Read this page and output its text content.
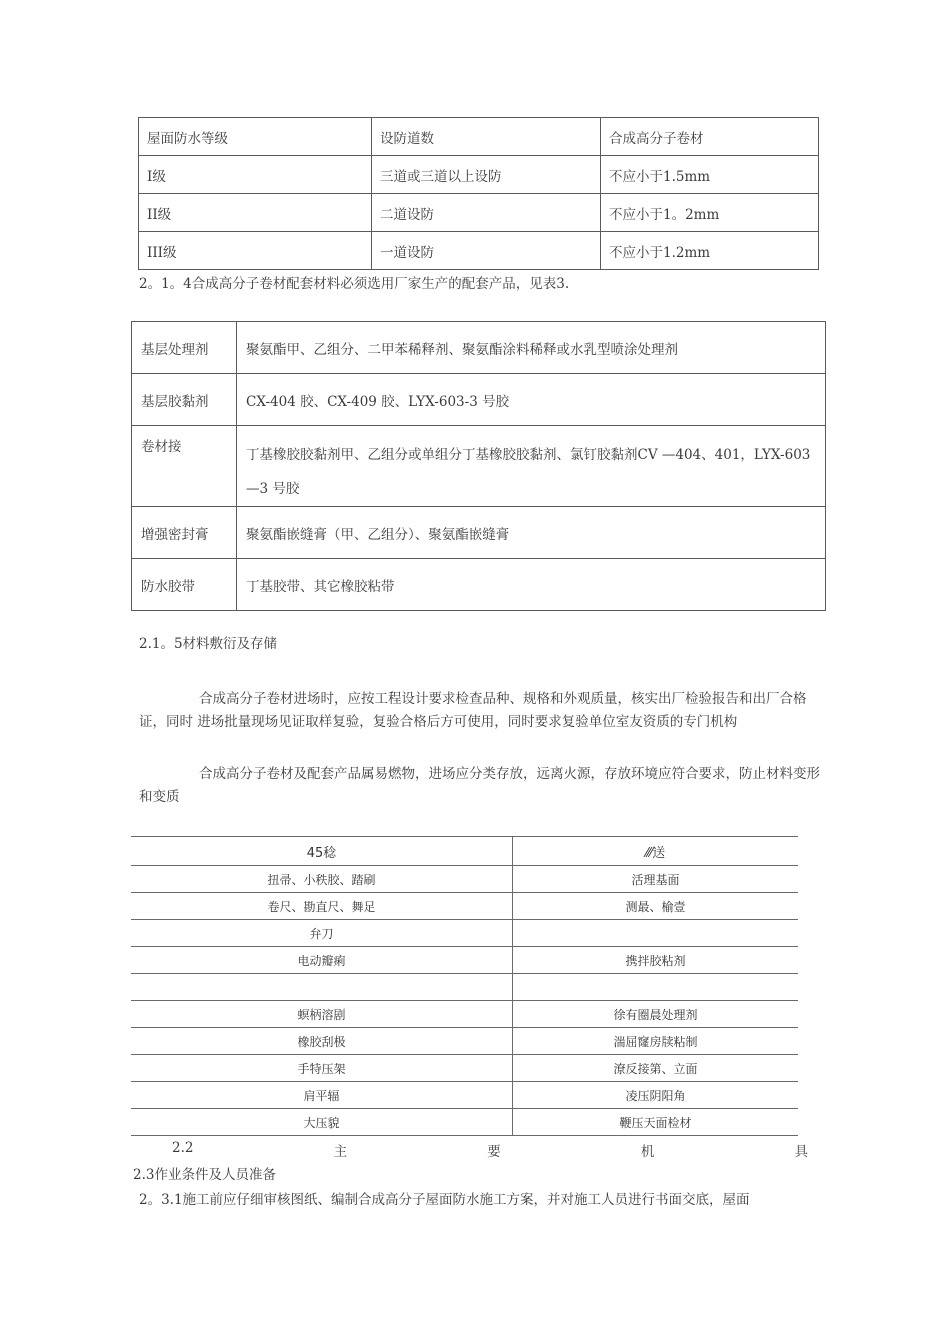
屋面防水等级	设防道数	合成高分子卷材
I级	三道或三道以上设防	不应小于1.5mm
II级	二道设防	不应小于1。2mm
III级	一道设防	不应小于1.2mm
2。1。4合成高分子卷材配套材料必须选用厂家生产的配套产品，见表3.
基层处理剂	聚氨酯甲、乙组分、二甲苯稀释剂、聚氨酯涂料稀释或水乳型喷涂处理剂
基层胶黏剂	CX-404 胶、CX-409 胶、LYX-603-3 号胶
卷材接	丁基橡胶胶黏剂甲、乙组分或单组分丁基橡胶胶黏剂、氯钉胶黏剂CV —404、401，LYX-603 —3 号胶
增强密封膏	聚氨酯嵌缝膏（甲、乙组分）、聚氨酯嵌缝膏
防水胶带	丁基胶带、其它橡胶粘带
2.1。5材料敷衍及存储
合成高分子卷材进场时，应按工程设计要求检查品种、规格和外观质量，核实出厂检验报告和出厂合格证，同时 进场批量现场见证取样复验，复验合格后方可使用，同时要求复验单位室友资质的专门机构
合成高分子卷材及配套产品属易燃物，进场应分类存放，远离火源，存放环境应符合要求，防止材料变形和变质
45稔	⁄⁄⁄送
扭帚、小秩胶、踏刷	活理基面
卷尺、勘直尺、舞足	测最、榆壹
弁刀	
电动瓣痢	携拌胶粘剂

螟柄溶剧	徐有圈晨处理剂
橡胶刮极	湍屈窿房牍粘制
手特压架	潦反接第、立面
肩平辐	凌压阴阳角
大压貌	鞭压天面检材
2.2	主	要	机	具
2.3作业条件及人员准备
2。3.1施工前应仔细审核图纸、编制合成高分子屋面防水施工方案，并对施工人员进行书面交底，屋面
